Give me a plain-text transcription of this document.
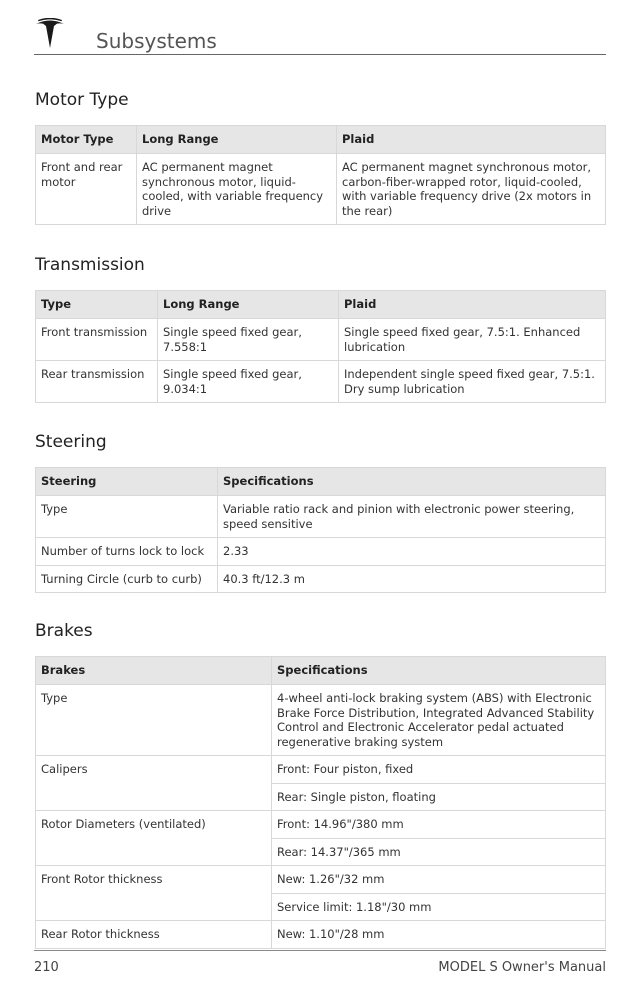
Subsystems
Motor Type
Motor Type	Long Range	Plaid
Front and rear motor	AC permanent magnet synchronous motor, liquid-cooled, with variable frequency drive	AC permanent magnet synchronous motor, carbon-fiber-wrapped rotor, liquid-cooled, with variable frequency drive (2x motors in the rear)
Transmission
Type	Long Range	Plaid
Front transmission	Single speed fixed gear, 7.558:1	Single speed fixed gear, 7.5:1. Enhanced lubrication
Rear transmission	Single speed fixed gear, 9.034:1	Independent single speed fixed gear, 7.5:1. Dry sump lubrication
Steering
Steering	Specifications
Type	Variable ratio rack and pinion with electronic power steering, speed sensitive
Number of turns lock to lock	2.33
Turning Circle (curb to curb)	40.3 ft/12.3 m
Brakes
Brakes	Specifications
Type	4-wheel anti-lock braking system (ABS) with Electronic Brake Force Distribution, Integrated Advanced Stability Control and Electronic Accelerator pedal actuated regenerative braking system
Calipers	Front: Four piston, fixed
	Rear: Single piston, floating
Rotor Diameters (ventilated)	Front: 14.96"/380 mm
	Rear: 14.37"/365 mm
Front Rotor thickness	New: 1.26"/32 mm
	Service limit: 1.18"/30 mm
Rear Rotor thickness	New: 1.10"/28 mm
210	MODEL S Owner's Manual
